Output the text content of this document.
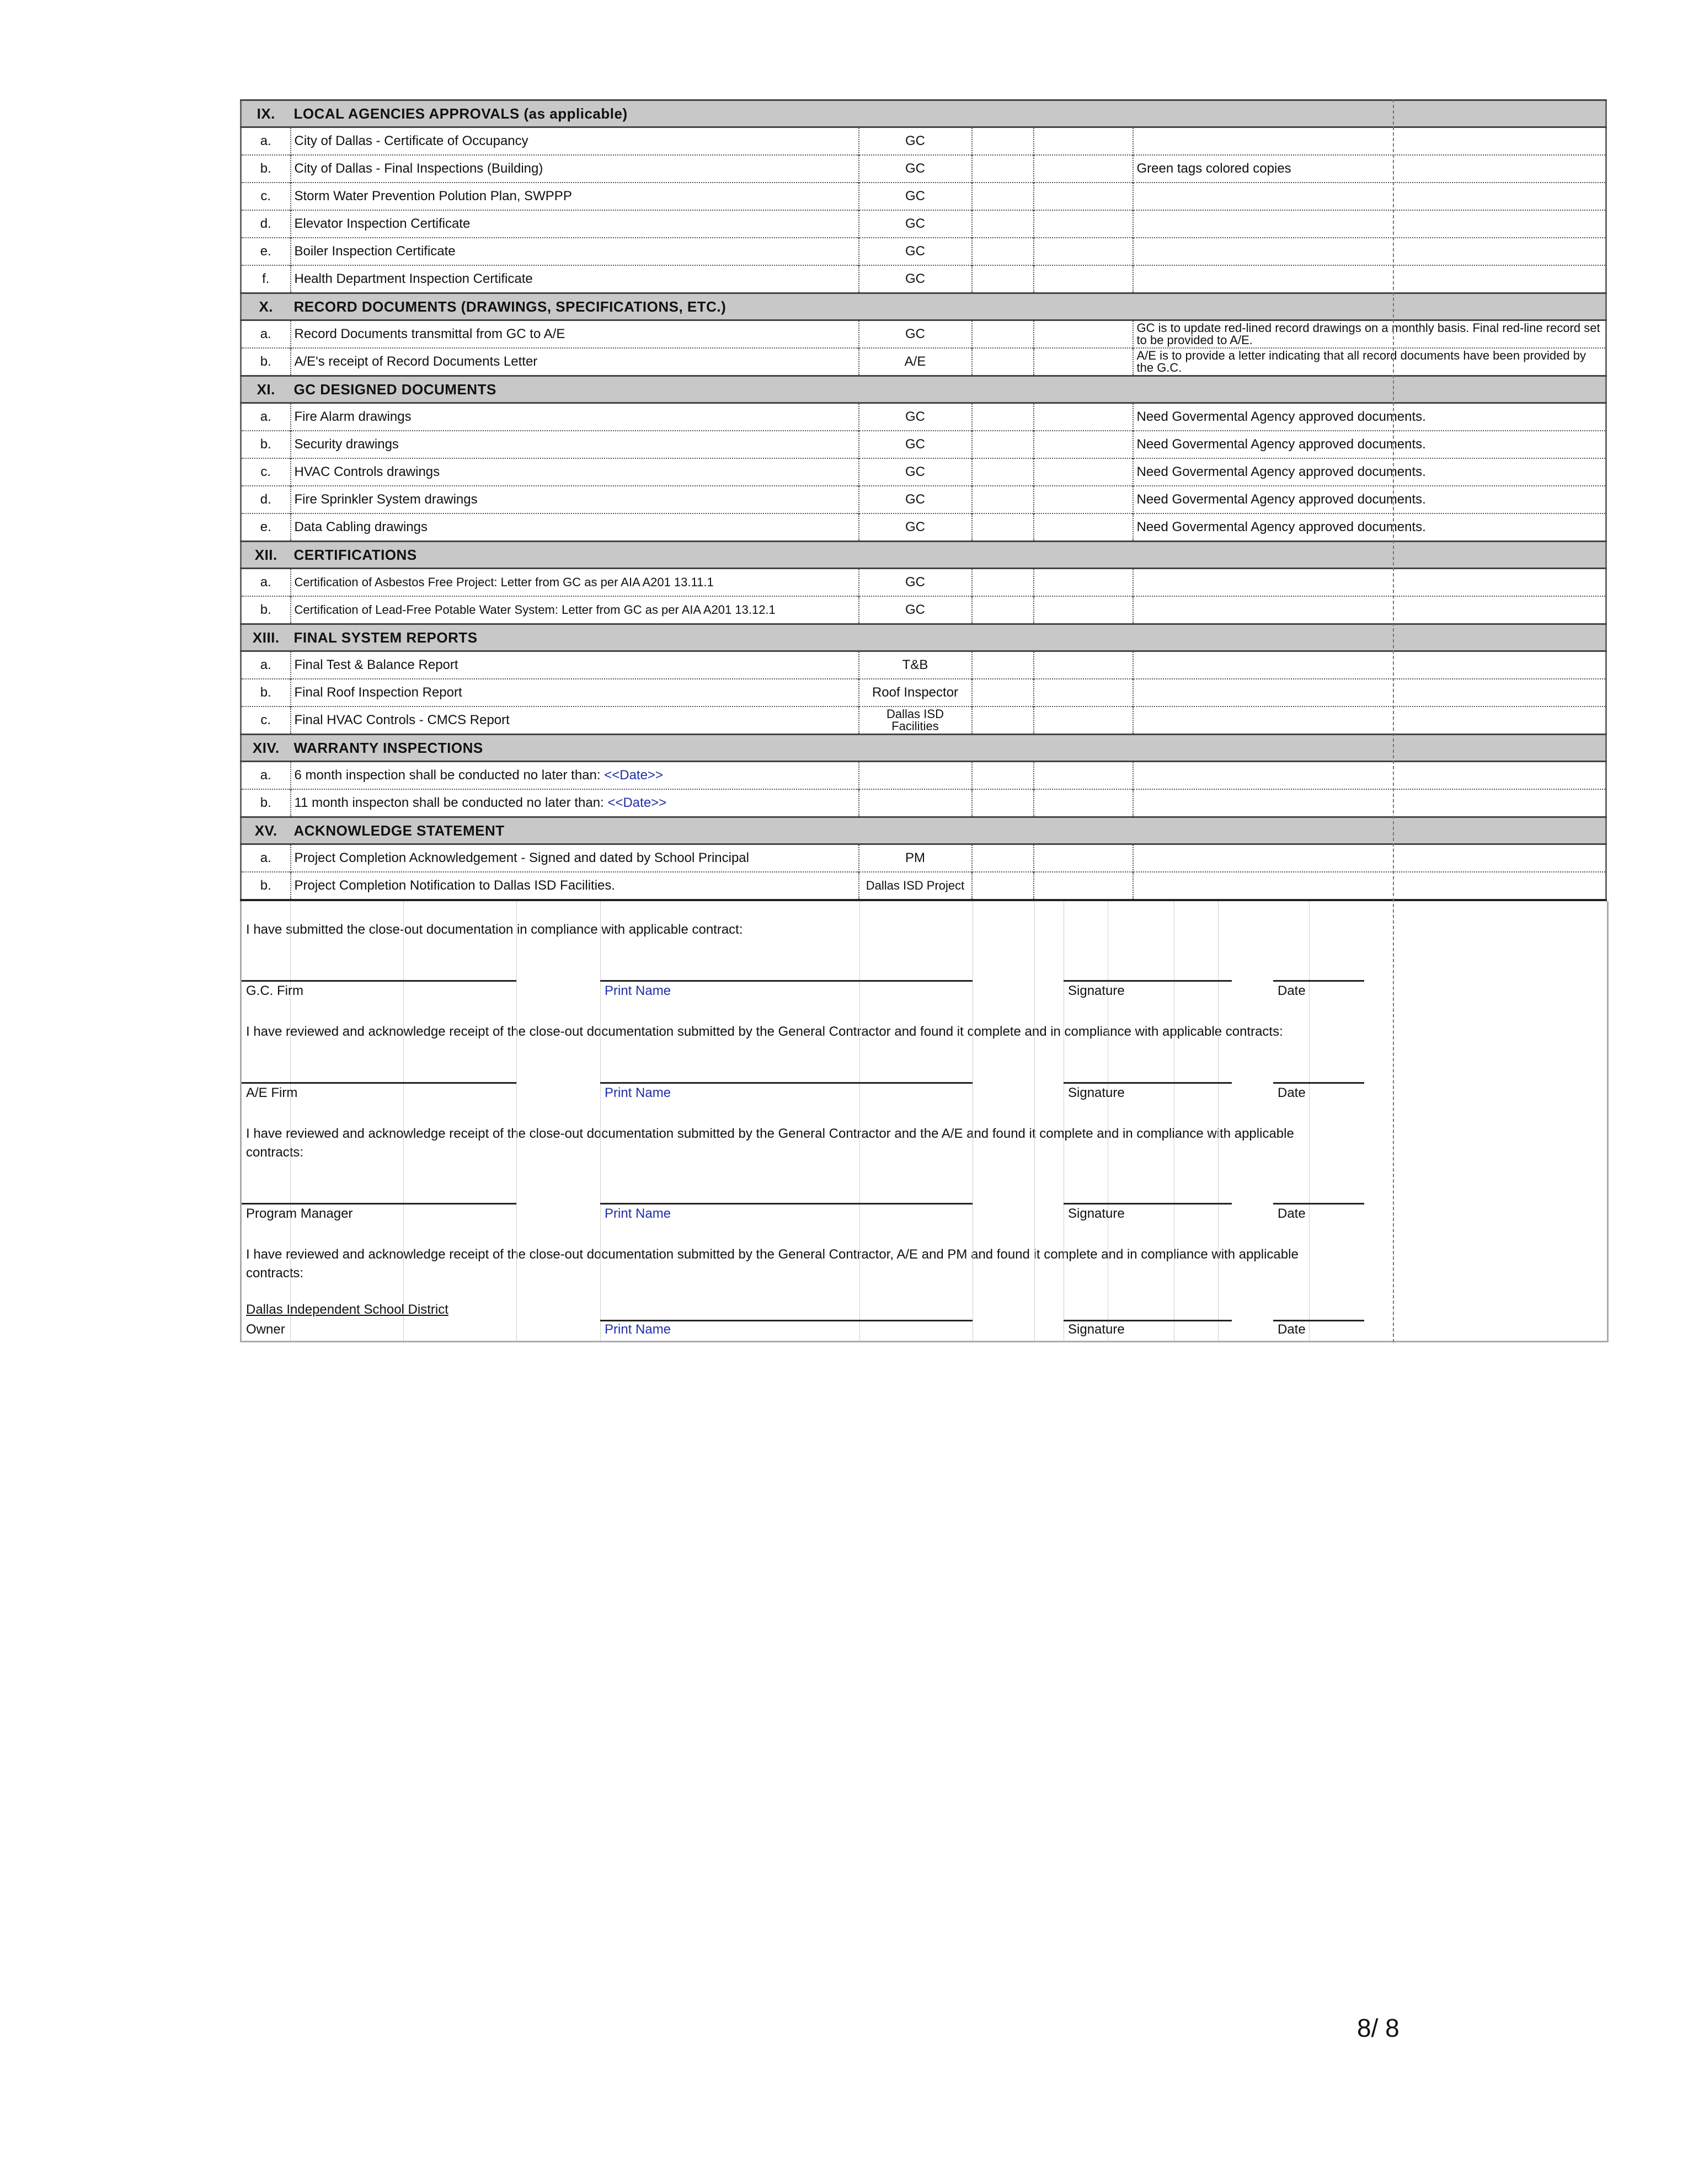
IX.	LOCAL AGENCIES APPROVALS (as applicable)				
a.	City of Dallas - Certificate of Occupancy	GC			
b.	City of Dallas - Final Inspections (Building)	GC			Green tags colored copies
c.	Storm Water Prevention Polution Plan, SWPPP	GC			
d.	Elevator Inspection Certificate	GC			
e.	Boiler Inspection Certificate	GC			
f.	Health Department Inspection Certificate	GC			
X.	RECORD DOCUMENTS (DRAWINGS, SPECIFICATIONS, ETC.)				
a.	Record Documents transmittal from GC to A/E	GC			GC is to update red-lined record drawings on a monthly basis. Final red-line record set to be provided to A/E.
b.	A/E's receipt of Record Documents Letter	A/E			A/E is to provide a letter indicating that all record documents have been provided by the G.C.
XI.	GC DESIGNED DOCUMENTS				
a.	Fire Alarm drawings	GC			Need Govermental Agency approved documents.
b.	Security drawings	GC			Need Govermental Agency approved documents.
c.	HVAC Controls drawings	GC			Need Govermental Agency approved documents.
d.	Fire Sprinkler System drawings	GC			Need Govermental Agency approved documents.
e.	Data Cabling drawings	GC			Need Govermental Agency approved documents.
XII.	CERTIFICATIONS				
a.	Certification of Asbestos Free Project: Letter from GC as per AIA A201 13.11.1	GC			
b.	Certification of Lead-Free Potable Water System: Letter from GC as per AIA A201 13.12.1	GC			
XIII.	FINAL SYSTEM REPORTS				
a.	Final Test & Balance Report	T&B			
b.	Final Roof Inspection Report	Roof Inspector			
c.	Final HVAC Controls - CMCS Report	Dallas ISD Facilities			
XIV.	WARRANTY INSPECTIONS				
a.	6 month inspection shall be conducted no later than: <<Date>>				
b.	11 month inspecton shall be conducted no later than: <<Date>>				
XV.	ACKNOWLEDGE STATEMENT				
a.	Project Completion Acknowledgement - Signed and dated by School Principal	PM			
b.	Project Completion Notification to Dallas ISD Facilities.	Dallas ISD Project			
I have submitted the close-out documentation in compliance with applicable contract:
G.C. Firm	Print Name	Signature	Date
I have reviewed and acknowledge receipt of the close-out documentation submitted by the General Contractor and found it complete and in compliance with applicable contracts:
A/E Firm	Print Name	Signature	Date
I have reviewed and acknowledge receipt of the close-out documentation submitted by the General Contractor and the A/E and found it complete and in compliance with applicable contracts:
Program Manager	Print Name	Signature	Date
I have reviewed and acknowledge receipt of the close-out documentation submitted by the General Contractor, A/E and PM and found it complete and in compliance with applicable contracts:
Dallas Independent School District
Owner	Print Name	Signature	Date
8/ 8
